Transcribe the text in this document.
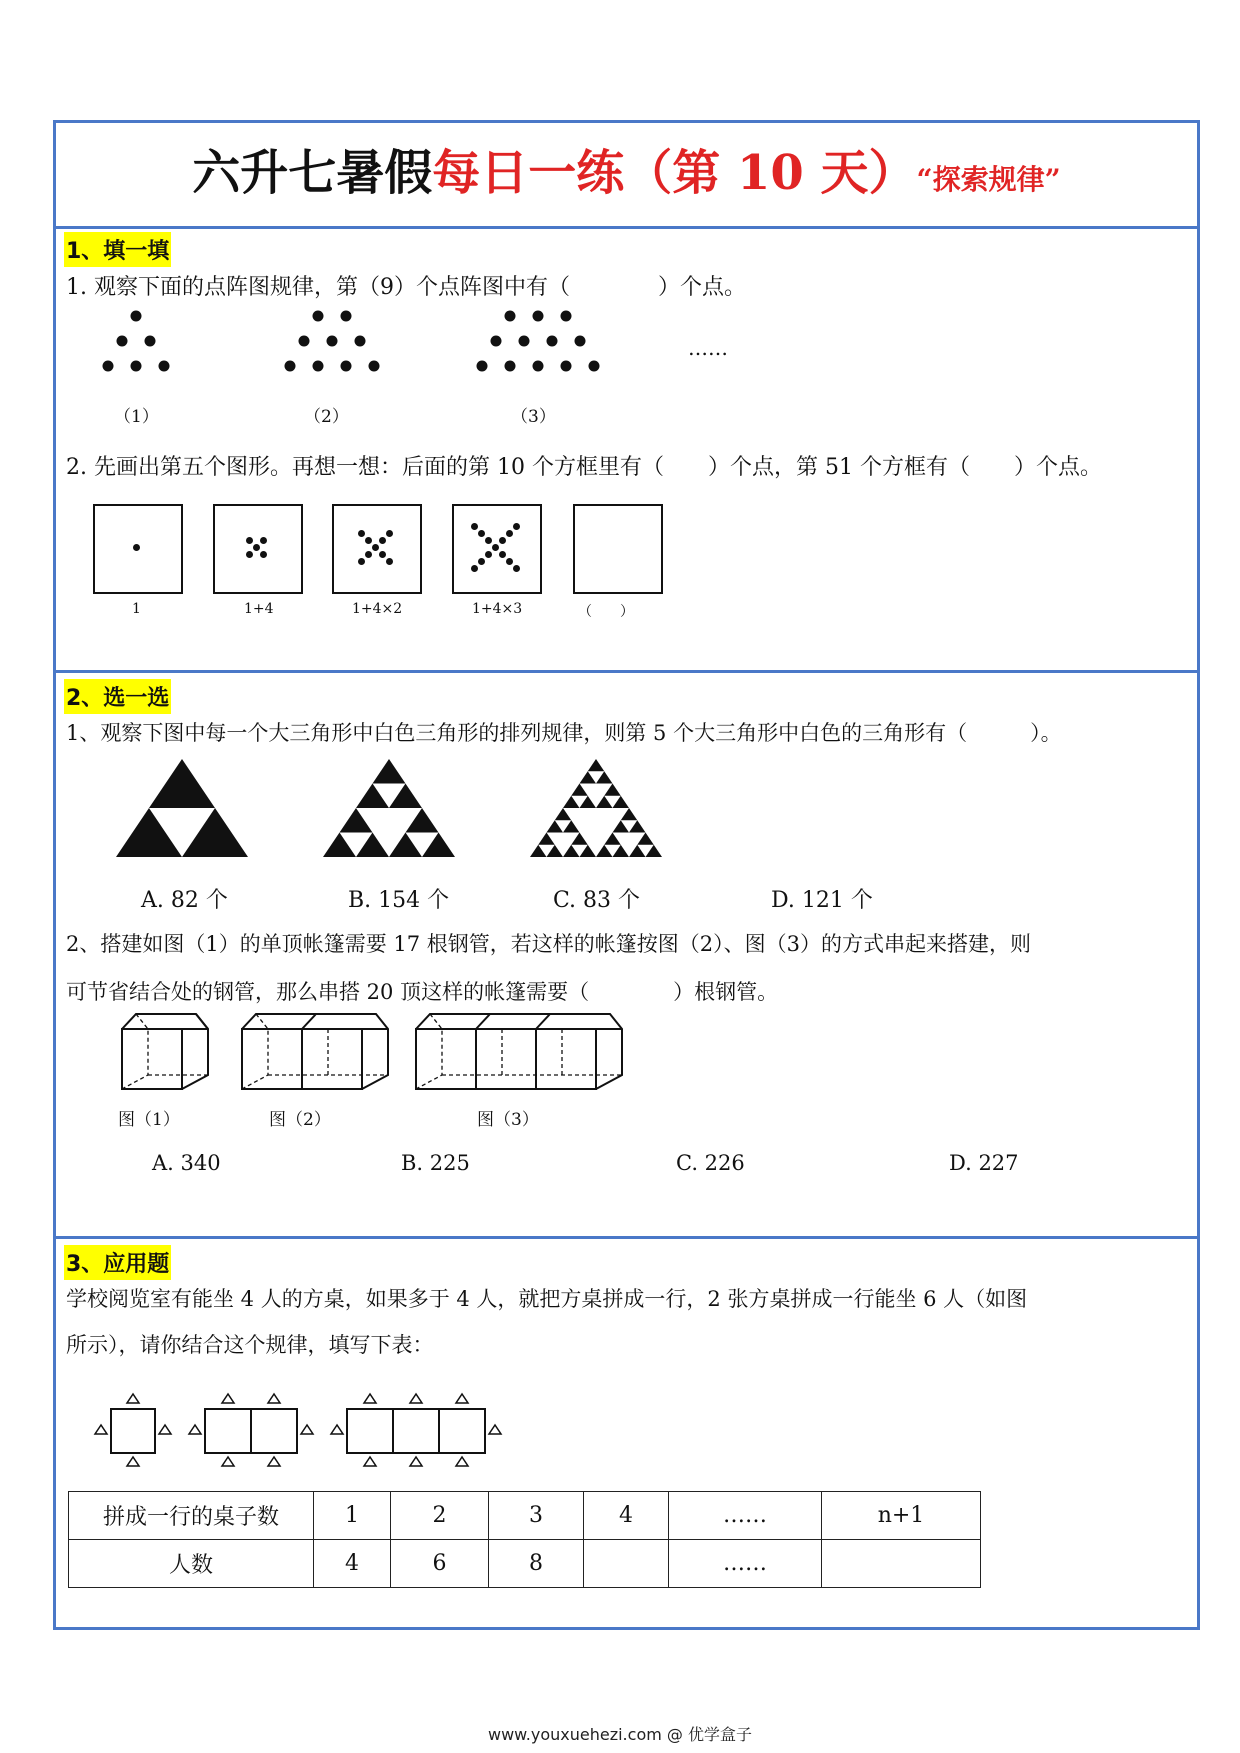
六升七暑假每日一练（第 10 天）“探索规律”
1、填一填
1. 观察下面的点阵图规律，第（9）个点阵图中有（　　　　）个点。
……
（1）	（2）	（3）
2. 先画出第五个图形。再想一想：后面的第 10 个方框里有（　　）个点，第 51 个方框有（　　）个点。
1	1+4	1+4×2	1+4×3	（　　）
2、选一选
1、观察下图中每一个大三角形中白色三角形的排列规律，则第 5 个大三角形中白色的三角形有（　　　）。
A. 82 个	B. 154 个	C. 83 个	D. 121 个
2、搭建如图（1）的单顶帐篷需要 17 根钢管，若这样的帐篷按图（2）、图（3）的方式串起来搭建，则
可节省结合处的钢管，那么串搭 20 顶这样的帐篷需要（　　　　）根钢管。
图（1）	图（2）	图（3）
A. 340	B. 225	C. 226	D. 227
3、应用题
学校阅览室有能坐 4 人的方桌，如果多于 4 人，就把方桌拼成一行，2 张方桌拼成一行能坐 6 人（如图
所示），请你结合这个规律，填写下表：
拼成一行的桌子数	1	2	3	4	……	n+1
人数	4	6	8		……	
www.youxuehezi.com @ 优学盒子
